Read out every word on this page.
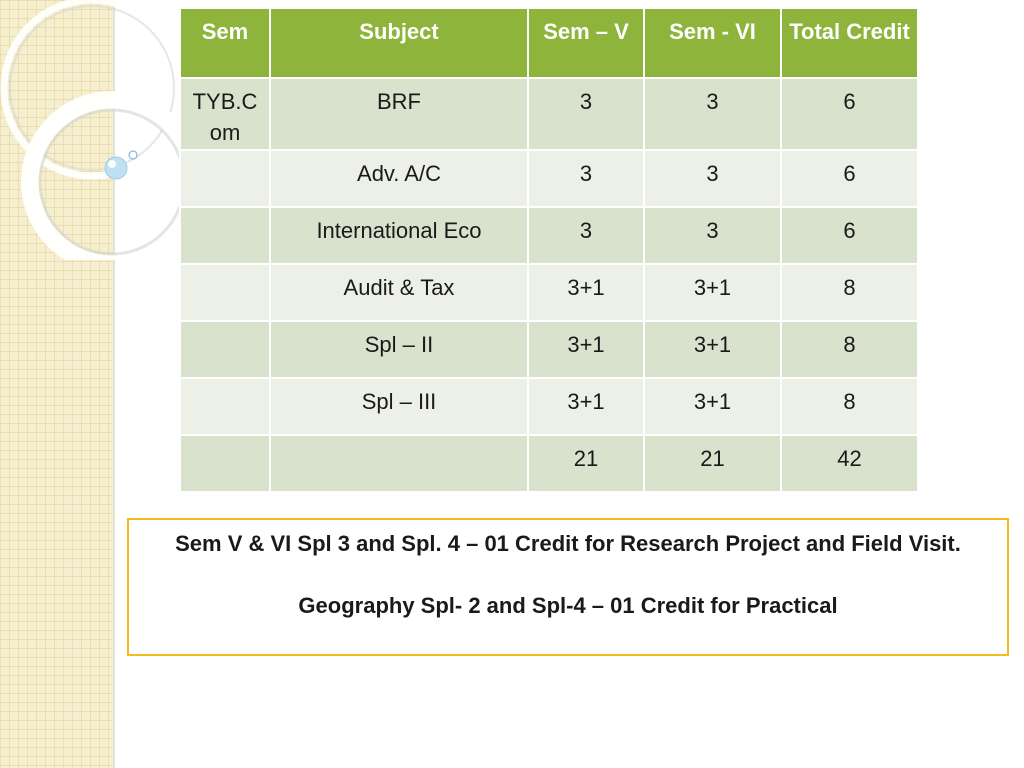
Sem	Subject	Sem – V	Sem - VI	Total Credit
TYB.C om	BRF	3	3	6
	Adv. A/C	3	3	6
	International Eco	3	3	6
	Audit & Tax	3+1	3+1	8
	Spl – II	3+1	3+1	8
	Spl – III	3+1	3+1	8
		21	21	42
Sem V & VI Spl 3 and Spl. 4 – 01 Credit for Research Project and Field Visit.
Geography Spl- 2 and Spl-4 – 01 Credit for Practical
